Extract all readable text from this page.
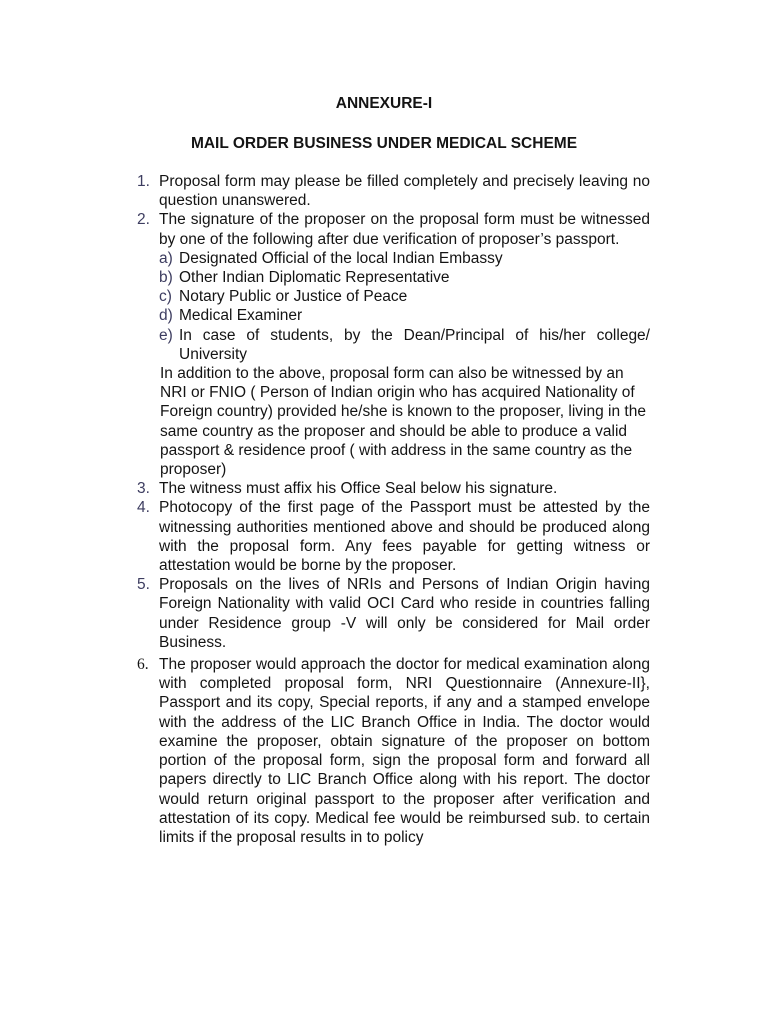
ANNEXURE-I
MAIL ORDER BUSINESS UNDER MEDICAL SCHEME
1. Proposal form may please be filled completely and precisely leaving no question unanswered.
2. The signature of the proposer on the proposal form must be witnessed by one of the following after due verification of proposer’s passport.
a) Designated Official of the local Indian Embassy
b) Other Indian Diplomatic Representative
c) Notary Public or Justice of Peace
d) Medical Examiner
e) In case of students, by the Dean/Principal of his/her college/ University
In addition to the above, proposal form can also be witnessed by an NRI or FNIO ( Person of Indian origin who has acquired Nationality of Foreign country) provided he/she is known to the proposer, living in the same country as the proposer and should be able to produce a valid passport & residence proof ( with address in the same country as the proposer)
3. The witness must affix his Office Seal below his signature.
4. Photocopy of the first page of the Passport must be attested by the witnessing authorities mentioned above and should be produced along with the proposal form. Any fees payable for getting witness or attestation would be borne by the proposer.
5. Proposals on the lives of NRIs and Persons of Indian Origin having Foreign Nationality with valid OCI Card who reside in countries falling under Residence group -V will only be considered for Mail order Business.
6. The proposer would approach the doctor for medical examination along with completed proposal form, NRI Questionnaire (Annexure-II}, Passport and its copy, Special reports, if any and a stamped envelope with the address of the LIC Branch Office in India. The doctor would examine the proposer, obtain signature of the proposer on bottom portion of the proposal form, sign the proposal form and forward all papers directly to LIC Branch Office along with his report. The doctor would return original passport to the proposer after verification and attestation of its copy. Medical fee would be reimbursed sub. to certain limits if the proposal results in to policy
